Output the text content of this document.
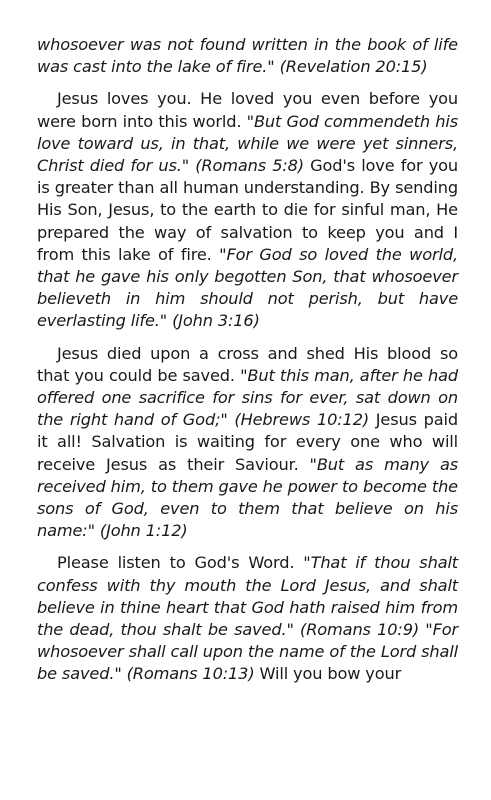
whosoever was not found written in the book of life was cast into the lake of fire." (Revelation 20:15)

Jesus loves you. He loved you even before you were born into this world. "But God commendeth his love toward us, in that, while we were yet sinners, Christ died for us." (Romans 5:8) God's love for you is greater than all human understanding. By sending His Son, Jesus, to the earth to die for sinful man, He prepared the way of salvation to keep you and I from this lake of fire. "For God so loved the world, that he gave his only begotten Son, that whosoever believeth in him should not perish, but have everlasting life." (John 3:16)

Jesus died upon a cross and shed His blood so that you could be saved. "But this man, after he had offered one sacrifice for sins for ever, sat down on the right hand of God;" (Hebrews 10:12) Jesus paid it all! Salvation is waiting for every one who will receive Jesus as their Saviour. "But as many as received him, to them gave he power to become the sons of God, even to them that believe on his name:" (John 1:12)

Please listen to God's Word. "That if thou shalt confess with thy mouth the Lord Jesus, and shalt believe in thine heart that God hath raised him from the dead, thou shalt be saved." (Romans 10:9) "For whosoever shall call upon the name of the Lord shall be saved." (Romans 10:13) Will you bow your
